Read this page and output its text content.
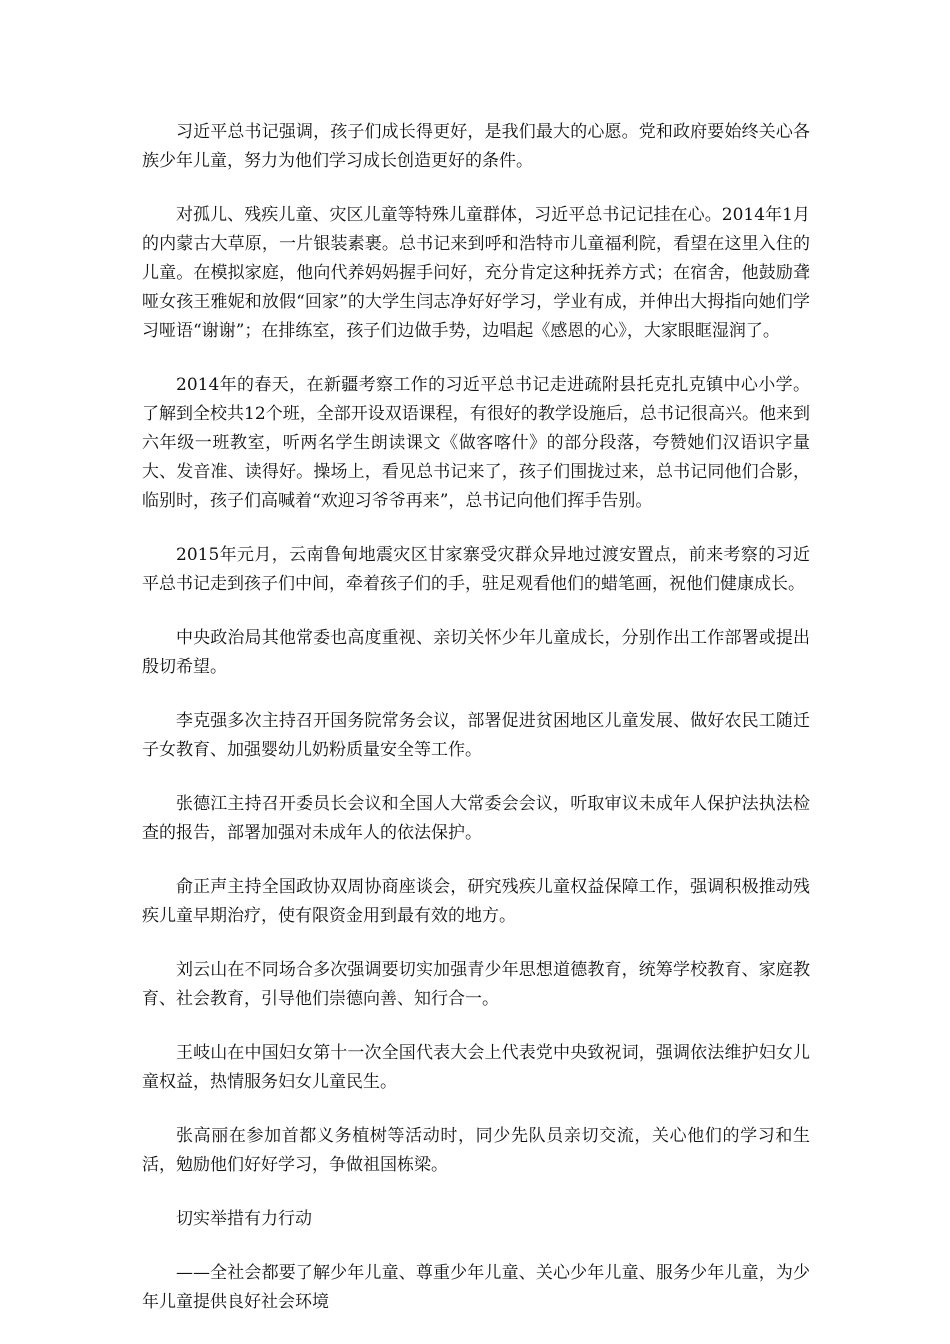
习近平总书记强调，孩子们成长得更好，是我们最大的心愿。党和政府要始终关心各族少年儿童，努力为他们学习成长创造更好的条件。

对孤儿、残疾儿童、灾区儿童等特殊儿童群体，习近平总书记记挂在心。2014年1月的内蒙古大草原，一片银装素裹。总书记来到呼和浩特市儿童福利院，看望在这里入住的儿童。在模拟家庭，他向代养妈妈握手问好，充分肯定这种抚养方式；在宿舍，他鼓励聋哑女孩王雅妮和放假“回家”的大学生闫志净好好学习，学业有成，并伸出大拇指向她们学习哑语“谢谢”；在排练室，孩子们边做手势，边唱起《感恩的心》，大家眼眶湿润了。

2014年的春天，在新疆考察工作的习近平总书记走进疏附县托克扎克镇中心小学。了解到全校共12个班，全部开设双语课程，有很好的教学设施后，总书记很高兴。他来到六年级一班教室，听两名学生朗读课文《做客喀什》的部分段落，夸赞她们汉语识字量大、发音准、读得好。操场上，看见总书记来了，孩子们围拢过来，总书记同他们合影，临别时，孩子们高喊着“欢迎习爷爷再来”，总书记向他们挥手告别。

2015年元月，云南鲁甸地震灾区甘家寨受灾群众异地过渡安置点，前来考察的习近平总书记走到孩子们中间，牵着孩子们的手，驻足观看他们的蜡笔画，祝他们健康成长。

中央政治局其他常委也高度重视、亲切关怀少年儿童成长，分别作出工作部署或提出殷切希望。

李克强多次主持召开国务院常务会议，部署促进贫困地区儿童发展、做好农民工随迁子女教育、加强婴幼儿奶粉质量安全等工作。

张德江主持召开委员长会议和全国人大常委会会议，听取审议未成年人保护法执法检查的报告，部署加强对未成年人的依法保护。

俞正声主持全国政协双周协商座谈会，研究残疾儿童权益保障工作，强调积极推动残疾儿童早期治疗，使有限资金用到最有效的地方。

刘云山在不同场合多次强调要切实加强青少年思想道德教育，统筹学校教育、家庭教育、社会教育，引导他们崇德向善、知行合一。

王岐山在中国妇女第十一次全国代表大会上代表党中央致祝词，强调依法维护妇女儿童权益，热情服务妇女儿童民生。

张高丽在参加首都义务植树等活动时，同少先队员亲切交流，关心他们的学习和生活，勉励他们好好学习，争做祖国栋梁。

切实举措有力行动

——全社会都要了解少年儿童、尊重少年儿童、关心少年儿童、服务少年儿童，为少年儿童提供良好社会环境
